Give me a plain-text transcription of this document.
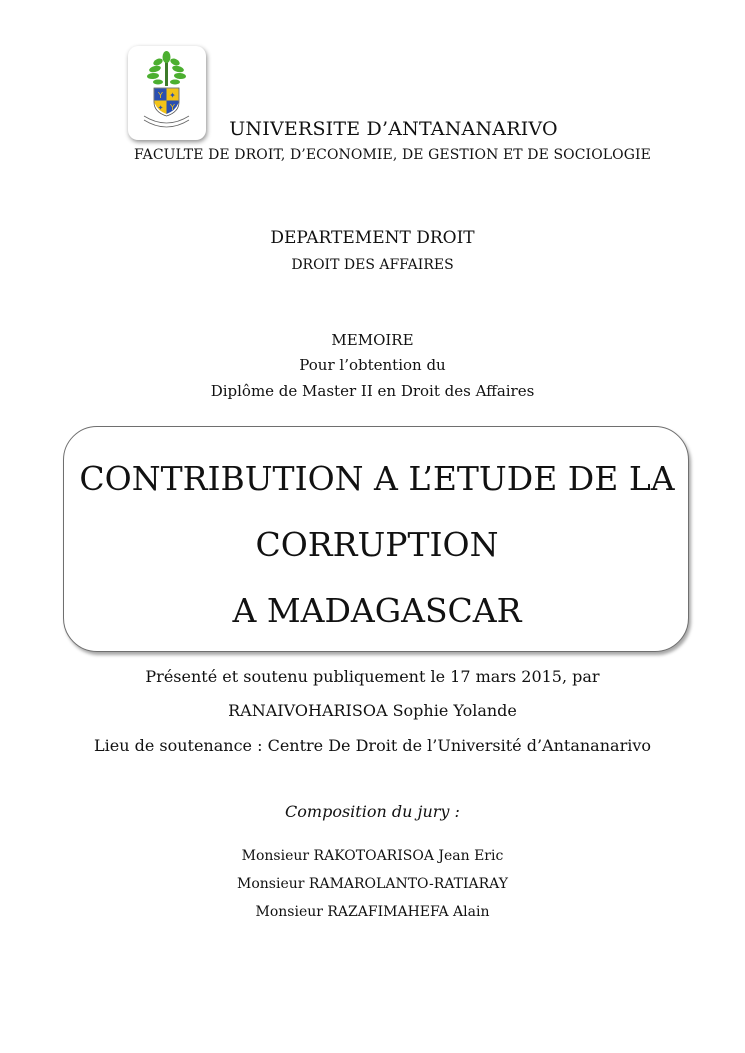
Y ✦
✦ Y
UNIVERSITE D’ANTANANARIVO
FACULTE DE DROIT, D’ECONOMIE, DE GESTION ET DE SOCIOLOGIE
DEPARTEMENT DROIT
DROIT DES AFFAIRES
MEMOIRE
Pour l’obtention du
Diplôme de Master II en Droit des Affaires
CONTRIBUTION A L’ETUDE DE LA
CORRUPTION
A MADAGASCAR
Présenté et soutenu publiquement le 17 mars 2015, par
RANAIVOHARISOA Sophie Yolande
Lieu de soutenance : Centre De Droit de l’Université d’Antananarivo
Composition du jury :
Monsieur RAKOTOARISOA Jean Eric
Monsieur RAMAROLANTO-RATIARAY
Monsieur RAZAFIMAHEFA Alain
